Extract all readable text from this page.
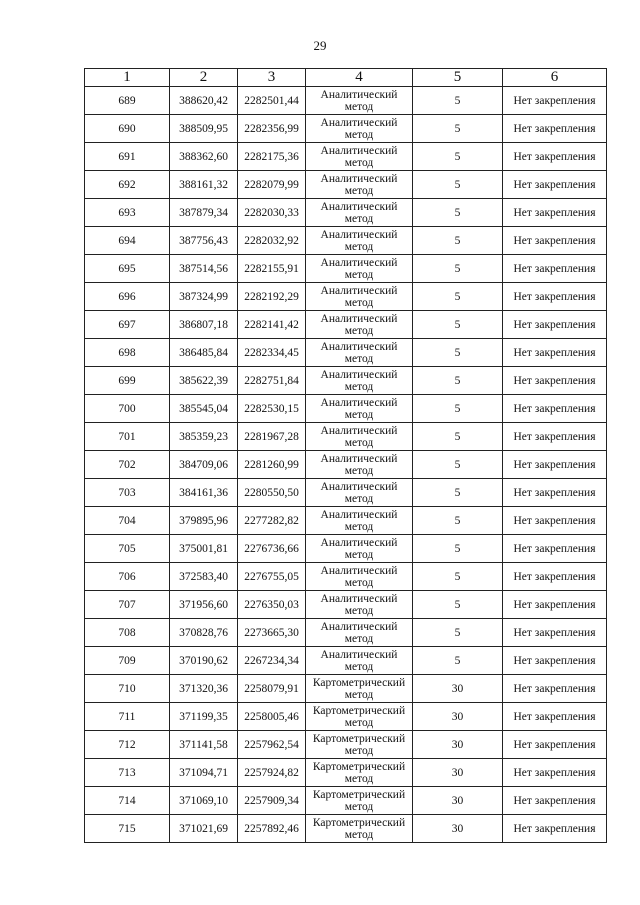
29
1	2	3	4	5	6
689	388620,42	2282501,44	Аналитический метод	5	Нет закрепления
690	388509,95	2282356,99	Аналитический метод	5	Нет закрепления
691	388362,60	2282175,36	Аналитический метод	5	Нет закрепления
692	388161,32	2282079,99	Аналитический метод	5	Нет закрепления
693	387879,34	2282030,33	Аналитический метод	5	Нет закрепления
694	387756,43	2282032,92	Аналитический метод	5	Нет закрепления
695	387514,56	2282155,91	Аналитический метод	5	Нет закрепления
696	387324,99	2282192,29	Аналитический метод	5	Нет закрепления
697	386807,18	2282141,42	Аналитический метод	5	Нет закрепления
698	386485,84	2282334,45	Аналитический метод	5	Нет закрепления
699	385622,39	2282751,84	Аналитический метод	5	Нет закрепления
700	385545,04	2282530,15	Аналитический метод	5	Нет закрепления
701	385359,23	2281967,28	Аналитический метод	5	Нет закрепления
702	384709,06	2281260,99	Аналитический метод	5	Нет закрепления
703	384161,36	2280550,50	Аналитический метод	5	Нет закрепления
704	379895,96	2277282,82	Аналитический метод	5	Нет закрепления
705	375001,81	2276736,66	Аналитический метод	5	Нет закрепления
706	372583,40	2276755,05	Аналитический метод	5	Нет закрепления
707	371956,60	2276350,03	Аналитический метод	5	Нет закрепления
708	370828,76	2273665,30	Аналитический метод	5	Нет закрепления
709	370190,62	2267234,34	Аналитический метод	5	Нет закрепления
710	371320,36	2258079,91	Картометрический метод	30	Нет закрепления
711	371199,35	2258005,46	Картометрический метод	30	Нет закрепления
712	371141,58	2257962,54	Картометрический метод	30	Нет закрепления
713	371094,71	2257924,82	Картометрический метод	30	Нет закрепления
714	371069,10	2257909,34	Картометрический метод	30	Нет закрепления
715	371021,69	2257892,46	Картометрический метод	30	Нет закрепления
